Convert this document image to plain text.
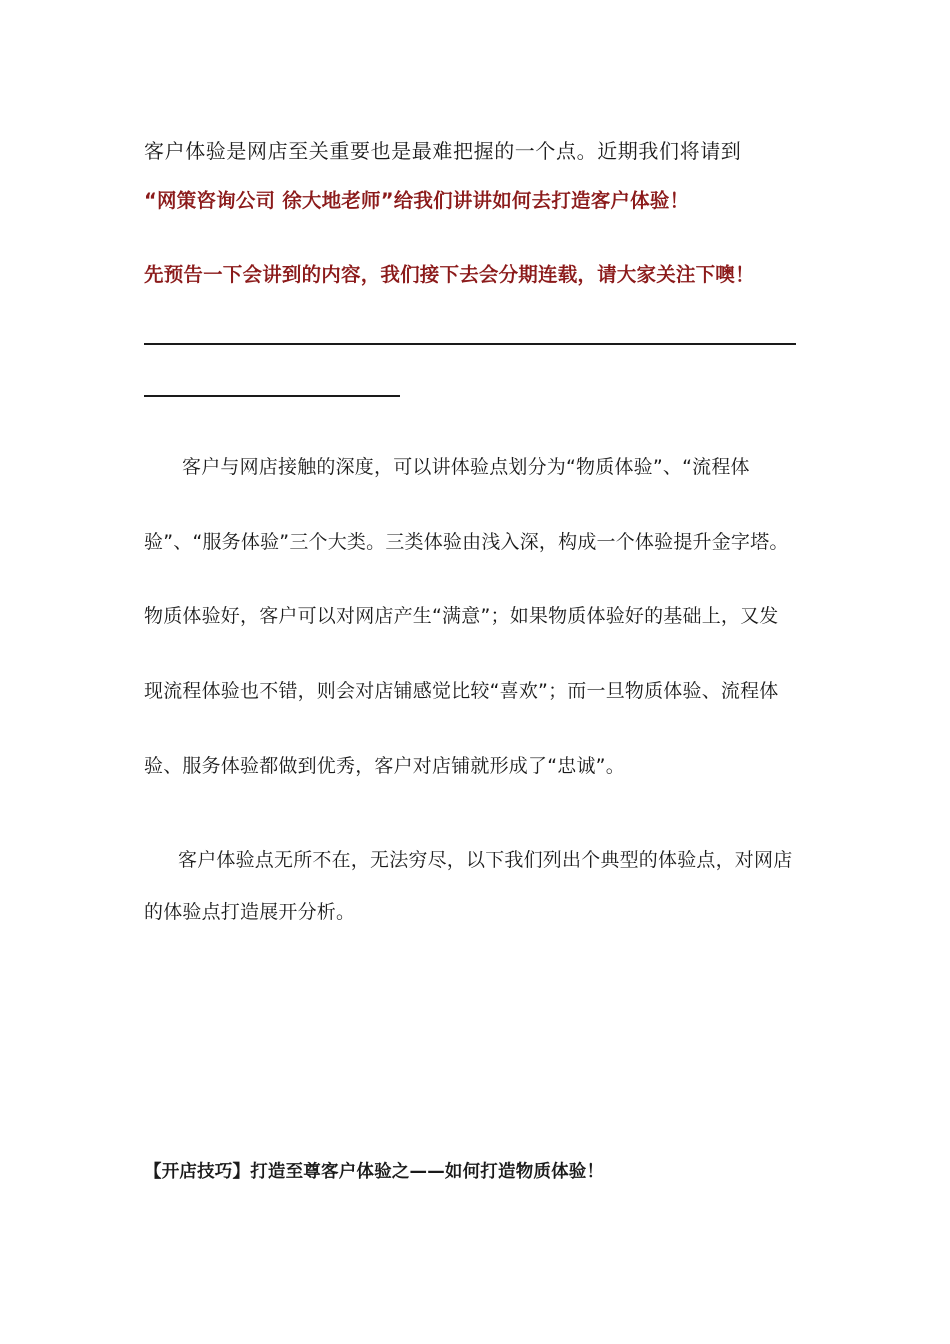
客户体验是网店至关重要也是最难把握的一个点。近期我们将请到
“网策咨询公司 徐大地老师”给我们讲讲如何去打造客户体验！
先预告一下会讲到的内容，我们接下去会分期连载，请大家关注下噢！
客户与网店接触的深度，可以讲体验点划分为“物质体验”、“流程体
验”、“服务体验”三个大类。三类体验由浅入深，构成一个体验提升金字塔。
物质体验好，客户可以对网店产生“满意”；如果物质体验好的基础上，又发
现流程体验也不错，则会对店铺感觉比较“喜欢”；而一旦物质体验、流程体
验、服务体验都做到优秀，客户对店铺就形成了“忠诚”。
客户体验点无所不在，无法穷尽，以下我们列出个典型的体验点，对网店
的体验点打造展开分析。
【开店技巧】打造至尊客户体验之——如何打造物质体验！
